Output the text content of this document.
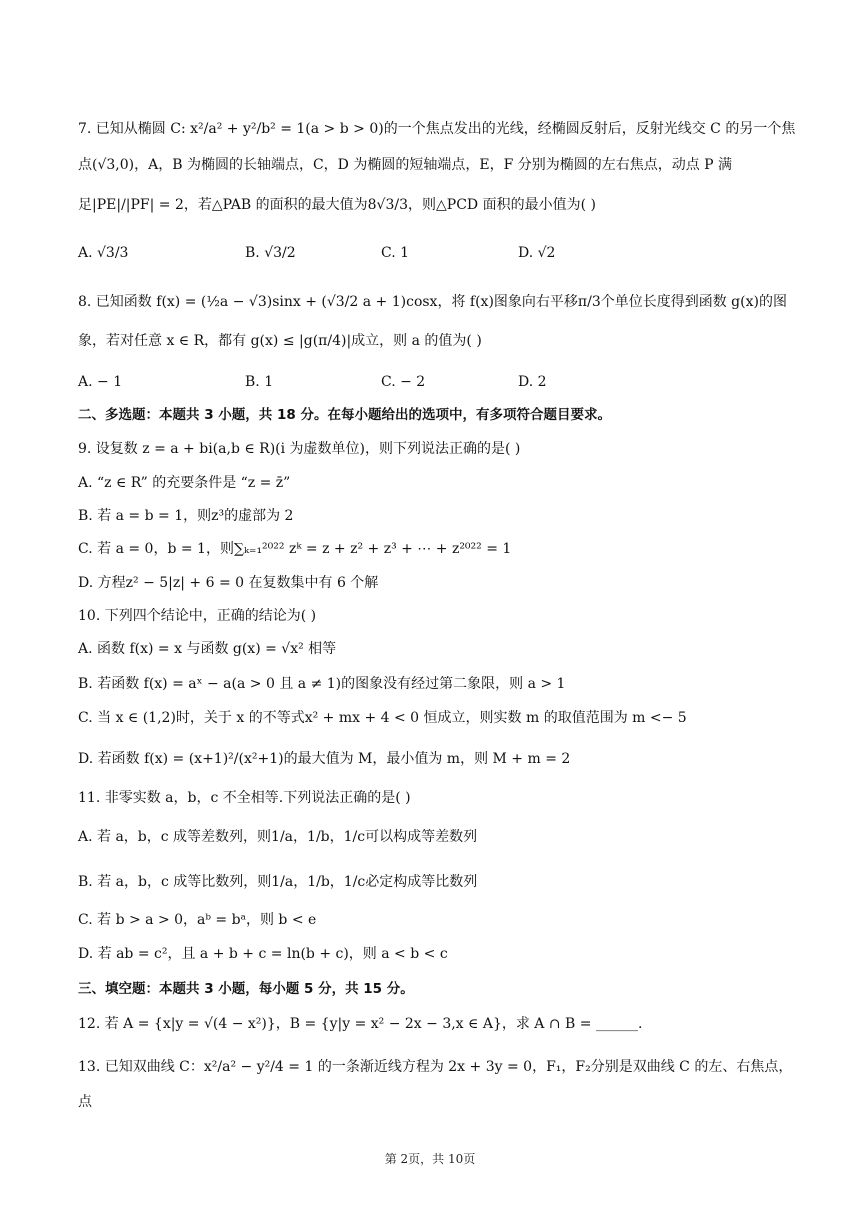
7. 已知从椭圆 C: x²/a² + y²/b² = 1(a > b > 0)的一个焦点发出的光线，经椭圆反射后，反射光线交 C 的另一个焦
点(√3,0)，A，B 为椭圆的长轴端点，C，D 为椭圆的短轴端点，E，F 分别为椭圆的左右焦点，动点 P 满
足|PE|/|PF| = 2，若△PAB 的面积的最大值为8√3/3，则△PCD 面积的最小值为( )
A. √3/3	B. √3/2	C. 1	D. √2
8. 已知函数 f(x) = (½a − √3)sinx + (√3/2 a + 1)cosx，将 f(x)图象向右平移π/3个单位长度得到函数 g(x)的图
象，若对任意 x ∈ R，都有 g(x) ≤ |g(π/4)|成立，则 a 的值为( )
A. − 1	B. 1	C. − 2	D. 2
二、多选题：本题共 3 小题，共 18 分。在每小题给出的选项中，有多项符合题目要求。
9. 设复数 z = a + bi(a,b ∈ R)(i 为虚数单位)，则下列说法正确的是( )
A. “z ∈ R” 的充要条件是 “z = z̄”
B. 若 a = b = 1，则z³的虚部为 2
C. 若 a = 0，b = 1，则∑ₖ₌₁²⁰²² zᵏ = z + z² + z³ + ⋯ + z²⁰²² = 1
D. 方程z² − 5|z| + 6 = 0 在复数集中有 6 个解
10. 下列四个结论中，正确的结论为( )
A. 函数 f(x) = x 与函数 g(x) = √x² 相等
B. 若函数 f(x) = aˣ − a(a > 0 且 a ≠ 1)的图象没有经过第二象限，则 a > 1
C. 当 x ∈ (1,2)时，关于 x 的不等式x² + mx + 4 < 0 恒成立，则实数 m 的取值范围为 m <− 5
D. 若函数 f(x) = (x+1)²/(x²+1)的最大值为 M，最小值为 m，则 M + m = 2
11. 非零实数 a，b，c 不全相等.下列说法正确的是( )
A. 若 a，b，c 成等差数列，则1/a，1/b，1/c可以构成等差数列
B. 若 a，b，c 成等比数列，则1/a，1/b，1/c必定构成等比数列
C. 若 b > a > 0，aᵇ = bᵃ，则 b < e
D. 若 ab = c²，且 a + b + c = ln(b + c)，则 a < b < c
三、填空题：本题共 3 小题，每小题 5 分，共 15 分。
12. 若 A = {x|y = √(4 − x²)}，B = {y|y = x² − 2x − 3,x ∈ A}，求 A ∩ B = ______.
13. 已知双曲线 C：x²/a² − y²/4 = 1 的一条渐近线方程为 2x + 3y = 0，F₁，F₂分别是双曲线 C 的左、右焦点，
点
第 2页，共 10页
